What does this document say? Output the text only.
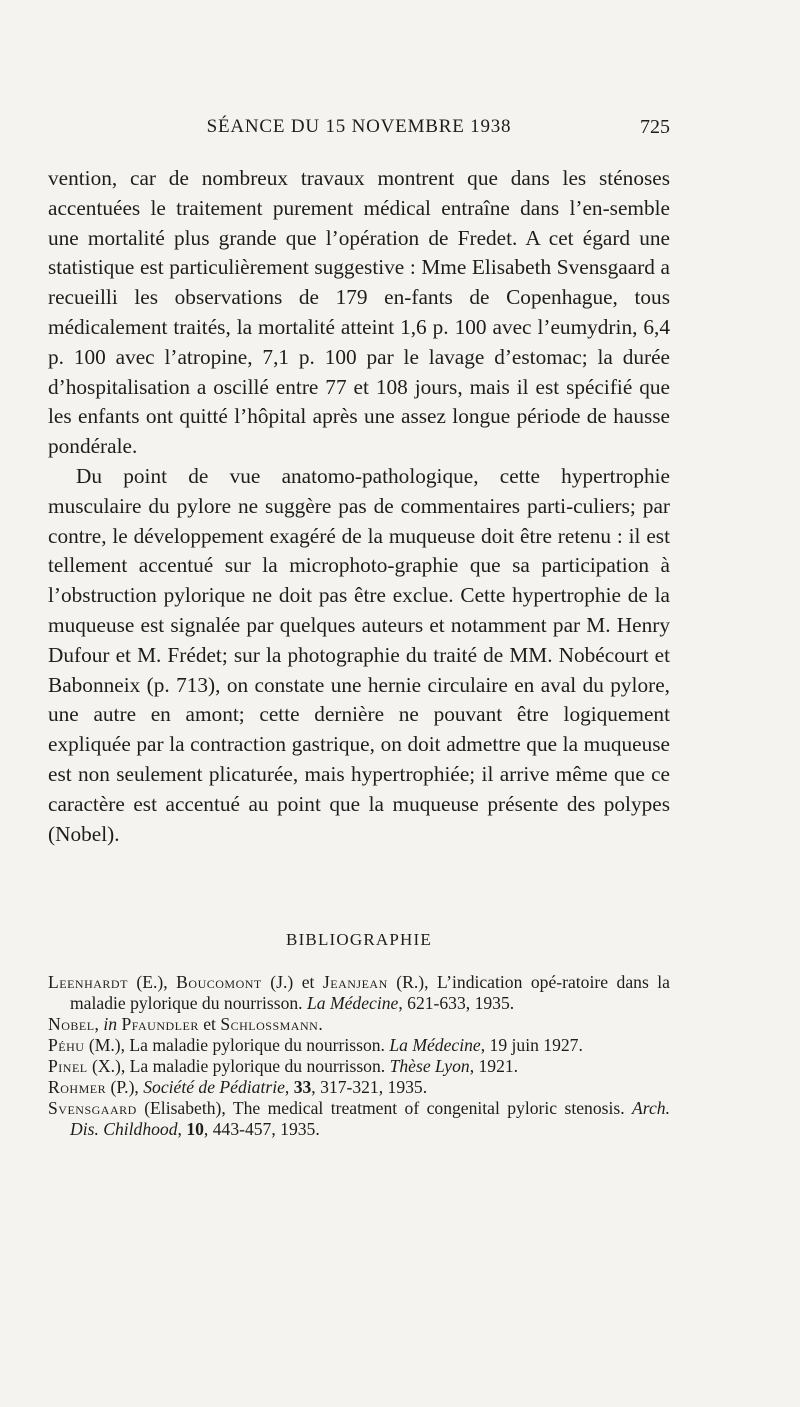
SÉANCE DU 15 NOVEMBRE 1938	725

vention, car de nombreux travaux montrent que dans les sténoses accentuées le traitement purement médical entraîne dans l’en-semble une mortalité plus grande que l’opération de Fredet. A cet égard une statistique est particulièrement suggestive : Mme Elisabeth Svensgaard a recueilli les observations de 179 en-fants de Copenhague, tous médicalement traités, la mortalité atteint 1,6 p. 100 avec l’eumydrin, 6,4 p. 100 avec l’atropine, 7,1 p. 100 par le lavage d’estomac; la durée d’hospitalisation a oscillé entre 77 et 108 jours, mais il est spécifié que les enfants ont quitté l’hôpital après une assez longue période de hausse pondérale.

Du point de vue anatomo-pathologique, cette hypertrophie musculaire du pylore ne suggère pas de commentaires parti-culiers; par contre, le développement exagéré de la muqueuse doit être retenu : il est tellement accentué sur la microphoto-graphie que sa participation à l’obstruction pylorique ne doit pas être exclue. Cette hypertrophie de la muqueuse est signalée par quelques auteurs et notamment par M. Henry Dufour et M. Frédet; sur la photographie du traité de MM. Nobécourt et Babonneix (p. 713), on constate une hernie circulaire en aval du pylore, une autre en amont; cette dernière ne pouvant être logiquement expliquée par la contraction gastrique, on doit admettre que la muqueuse est non seulement plicaturée, mais hypertrophiée; il arrive même que ce caractère est accentué au point que la muqueuse présente des polypes (Nobel).

BIBLIOGRAPHIE
Leenhardt (E.), Boucomont (J.) et Jeanjean (R.), L’indication opé-ratoire dans la maladie pylorique du nourrisson. La Médecine, 621-633, 1935.
Nobel, in Pfaundler et Schlossmann.
Péhu (M.), La maladie pylorique du nourrisson. La Médecine, 19 juin 1927.
Pinel (X.), La maladie pylorique du nourrisson. Thèse Lyon, 1921.
Rohmer (P.), Société de Pédiatrie, 33, 317-321, 1935.
Svensgaard (Elisabeth), The medical treatment of congenital pyloric stenosis. Arch. Dis. Childhood, 10, 443-457, 1935.
